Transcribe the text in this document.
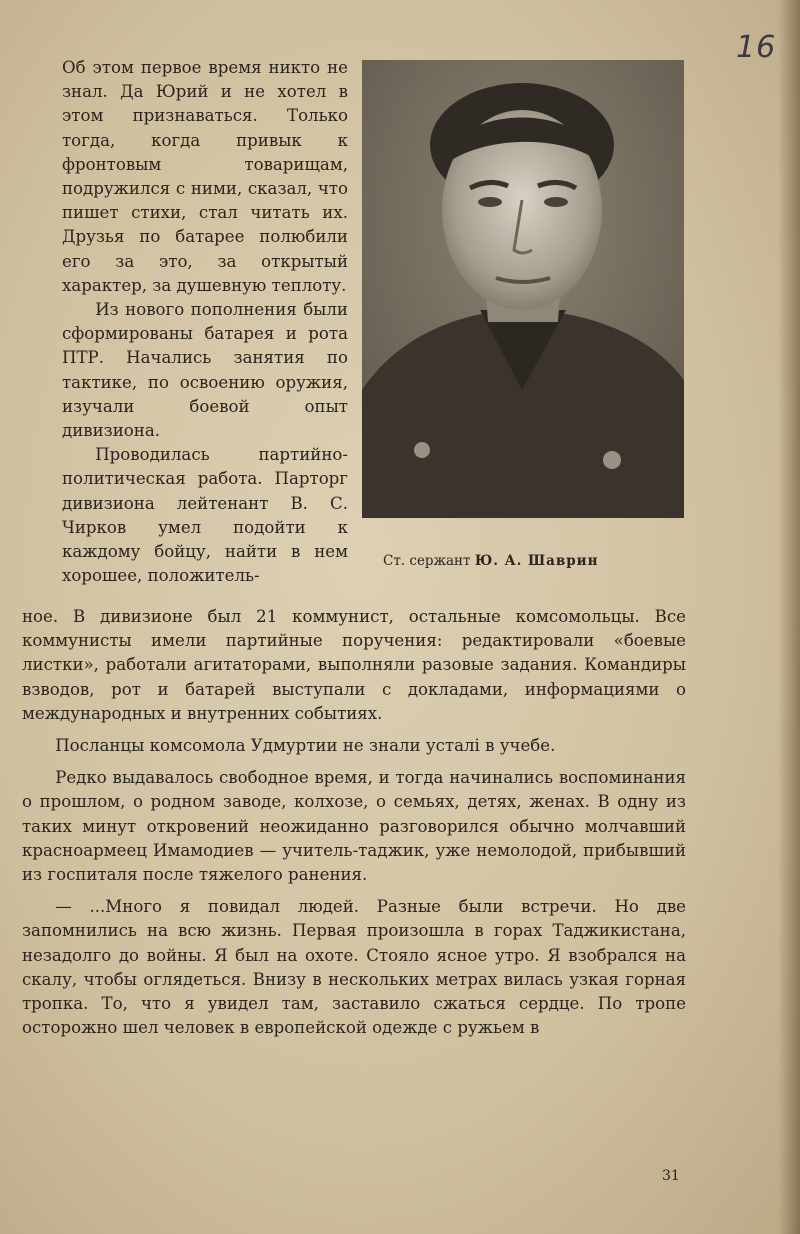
16
Ст. сержант Ю. А. Шаврин

Об этом первое время никто не знал. Да Юрий и не хотел в этом признаваться. Только тогда, когда привык к фронтовым товарищам, подружился с ними, сказал, что пишет стихи, стал читать их. Друзья по батарее полюбили его за это, за открытый характер, за душевную теплоту.

Из нового пополнения были сформированы батарея и рота ПТР. Начались занятия по тактике, по освоению оружия, изучали боевой опыт дивизиона.

Проводилась партийно-политическая работа. Парторг дивизиона лейтенант В. С. Чирков умел подойти к каждому бойцу, найти в нем хорошее, положитель-

ное. В дивизионе был 21 коммунист, остальные комсомольцы. Все коммунисты имели партийные поручения: редактировали «боевые листки», работали агитаторами, выполняли разовые задания. Командиры взводов, рот и батарей выступали с докладами, информациями о международных и внутренних событиях.

Посланцы комсомола Удмуртии не знали усталі в учебе.

Редко выдавалось свободное время, и тогда начинались воспоминания о прошлом, о родном заводе, колхозе, о семьях, детях, женах. В одну из таких минут откровений неожиданно разговорился обычно молчавший красноармеец Имамодиев — учитель-таджик, уже немолодой, прибывший из госпиталя после тяжелого ранения.

— ...Много я повидал людей. Разные были встречи. Но две запомнились на всю жизнь. Первая произошла в горах Таджикистана, незадолго до войны. Я был на охоте. Стояло ясное утро. Я взобрался на скалу, чтобы оглядеться. Внизу в нескольких метрах вилась узкая горная тропка. То, что я увидел там, заставило сжаться сердце. По тропе осторожно шел человек в европейской одежде с ружьем в

31
